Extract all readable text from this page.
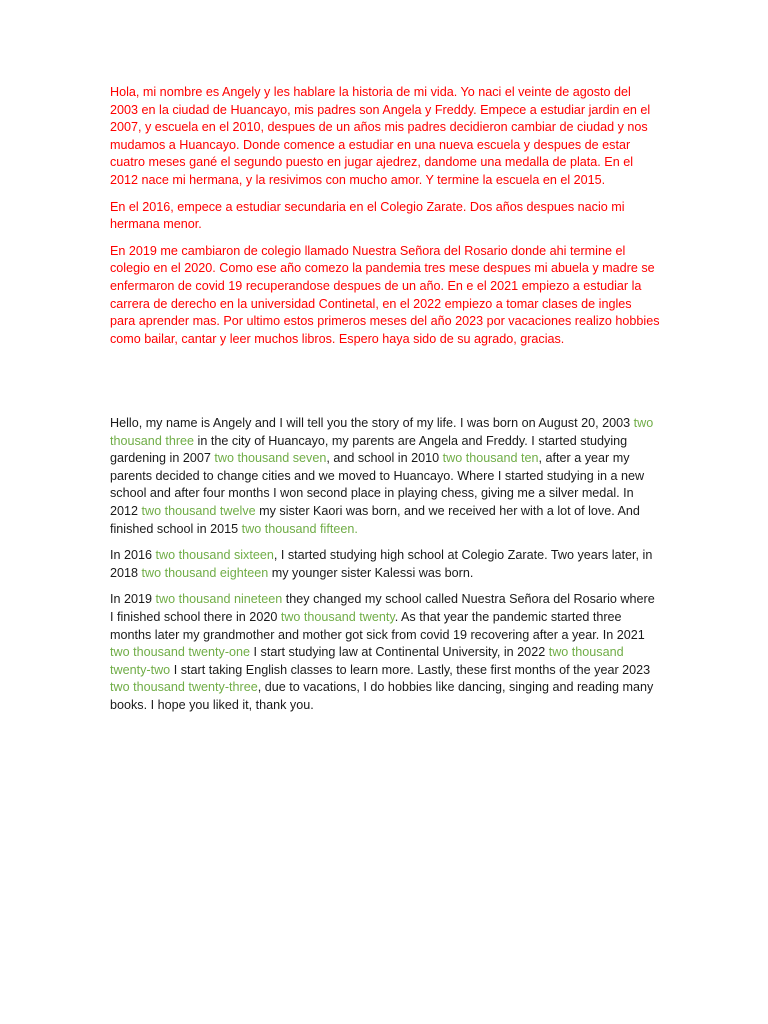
Hola, mi nombre es Angely y les hablare la historia de mi vida. Yo naci el veinte de agosto del 2003 en la ciudad de Huancayo, mis padres son Angela y Freddy. Empece a estudiar jardin en el 2007, y escuela en el 2010, despues de un años mis padres decidieron cambiar de ciudad y nos mudamos a Huancayo. Donde comence a estudiar en una nueva escuela y despues de estar cuatro meses gané el segundo puesto en jugar ajedrez, dandome una medalla de plata. En el 2012 nace mi hermana, y la resivimos con mucho amor. Y termine la escuela en el 2015.

En el 2016, empece a estudiar secundaria en el Colegio Zarate. Dos años despues nacio mi hermana menor.

En 2019 me cambiaron de colegio llamado Nuestra Señora del Rosario donde ahi termine el colegio en el 2020. Como ese año comezo la pandemia tres mese despues mi abuela y madre se enfermaron de covid 19 recuperandose despues de un año. En e el 2021 empiezo a estudiar la carrera de derecho en la universidad Continetal, en el 2022 empiezo a tomar clases de ingles para aprender mas. Por ultimo estos primeros meses del año 2023 por vacaciones realizo hobbies como bailar, cantar y leer muchos libros. Espero haya sido de su agrado, gracias.

Hello, my name is Angely and I will tell you the story of my life. I was born on August 20, 2003 two thousand three in the city of Huancayo, my parents are Angela and Freddy. I started studying gardening in 2007 two thousand seven, and school in 2010 two thousand ten, after a year my parents decided to change cities and we moved to Huancayo. Where I started studying in a new school and after four months I won second place in playing chess, giving me a silver medal. In 2012 two thousand twelve my sister Kaori was born, and we received her with a lot of love. And finished school in 2015 two thousand fifteen.

In 2016 two thousand sixteen, I started studying high school at Colegio Zarate. Two years later, in 2018 two thousand eighteen my younger sister Kalessi was born.

In 2019 two thousand nineteen they changed my school called Nuestra Señora del Rosario where I finished school there in 2020 two thousand twenty. As that year the pandemic started three months later my grandmother and mother got sick from covid 19 recovering after a year. In 2021 two thousand twenty-one I start studying law at Continental University, in 2022 two thousand twenty-two I start taking English classes to learn more. Lastly, these first months of the year 2023 two thousand twenty-three, due to vacations, I do hobbies like dancing, singing and reading many books. I hope you liked it, thank you.
